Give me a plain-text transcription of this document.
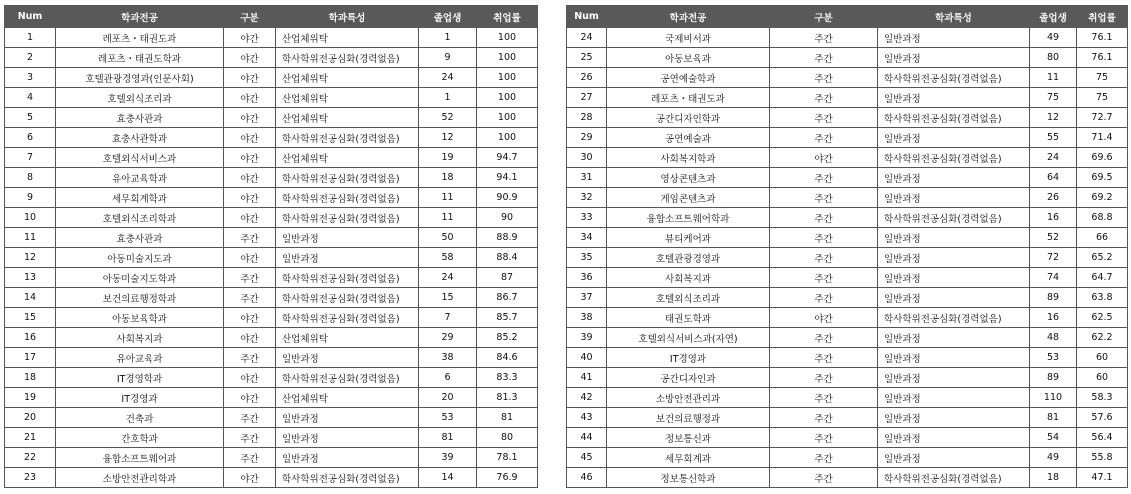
Num	학과전공	구분	학과특성	졸업생	취업률
1	레포츠・태권도과	야간	산업체위탁	1	100
2	레포츠・태권도학과	야간	학사학위전공심화(경력없음)	9	100
3	호텔관광경영과(인문사회)	야간	산업체위탁	24	100
4	호텔외식조리과	야간	산업체위탁	1	100
5	효충사관과	야간	산업체위탁	52	100
6	효충사관학과	야간	학사학위전공심화(경력없음)	12	100
7	호텔외식서비스과	야간	산업체위탁	19	94.7
8	유아교육학과	야간	학사학위전공심화(경력없음)	18	94.1
9	세무회계학과	야간	학사학위전공심화(경력없음)	11	90.9
10	호텔외식조리학과	야간	학사학위전공심화(경력없음)	11	90
11	효충사관과	주간	일반과정	50	88.9
12	아동미술지도과	야간	일반과정	58	88.4
13	아동미술지도학과	주간	학사학위전공심화(경력없음)	24	87
14	보건의료행정학과	주간	학사학위전공심화(경력없음)	15	86.7
15	아동보육학과	야간	학사학위전공심화(경력없음)	7	85.7
16	사회복지과	야간	산업체위탁	29	85.2
17	유아교육과	주간	일반과정	38	84.6
18	IT경영학과	야간	학사학위전공심화(경력없음)	6	83.3
19	IT경영과	야간	산업체위탁	20	81.3
20	건축과	주간	일반과정	53	81
21	간호학과	주간	일반과정	81	80
22	융합소프트웨어과	주간	일반과정	39	78.1
23	소방안전관리학과	야간	학사학위전공심화(경력없음)	14	76.9
Num	학과전공	구분	학과특성	졸업생	취업률
24	국제비서과	주간	일반과정	49	76.1
25	아동보육과	주간	일반과정	80	76.1
26	공연예술학과	주간	학사학위전공심화(경력없음)	11	75
27	레포츠・태권도과	주간	일반과정	75	75
28	공간디자인학과	주간	학사학위전공심화(경력없음)	12	72.7
29	공연예술과	주간	일반과정	55	71.4
30	사회복지학과	야간	학사학위전공심화(경력없음)	24	69.6
31	영상콘텐츠과	주간	일반과정	64	69.5
32	게임콘텐츠과	주간	일반과정	26	69.2
33	융합소프트웨어학과	주간	학사학위전공심화(경력없음)	16	68.8
34	뷰티케어과	주간	일반과정	52	66
35	호텔관광경영과	주간	일반과정	72	65.2
36	사회복지과	주간	일반과정	74	64.7
37	호텔외식조리과	주간	일반과정	89	63.8
38	태권도학과	야간	학사학위전공심화(경력없음)	16	62.5
39	호텔외식서비스과(자연)	주간	일반과정	48	62.2
40	IT경영과	주간	일반과정	53	60
41	공간디자인과	주간	일반과정	89	60
42	소방안전관리과	주간	일반과정	110	58.3
43	보건의료행정과	주간	일반과정	81	57.6
44	정보통신과	주간	일반과정	54	56.4
45	세무회계과	주간	일반과정	49	55.8
46	정보통신학과	주간	학사학위전공심화(경력없음)	18	47.1
